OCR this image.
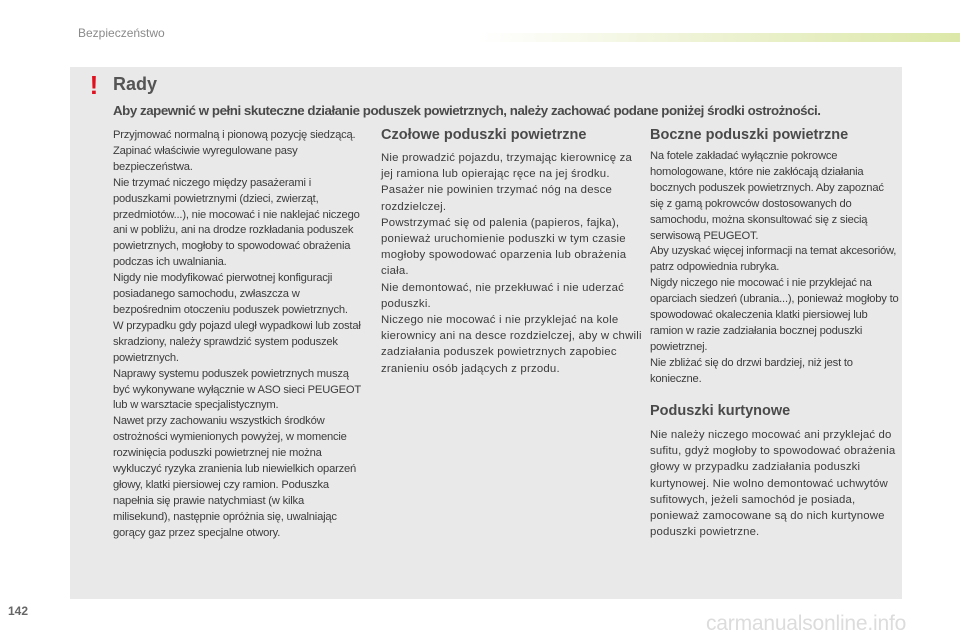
Bezpieczeństwo
! Rady
Aby zapewnić w pełni skuteczne działanie poduszek powietrznych, należy zachować podane poniżej środki ostrożności.

Przyjmować normalną i pionową pozycję siedzącą.

Zapinać właściwie wyregulowane pasy bezpieczeństwa.

Nie trzymać niczego między pasażerami i poduszkami powietrznymi (dzieci, zwierząt, przedmiotów...), nie mocować i nie naklejać niczego ani w pobliżu, ani na drodze rozkładania poduszek powietrznych, mogłoby to spowodować obrażenia podczas ich uwalniania.

Nigdy nie modyfikować pierwotnej konfiguracji posiadanego samochodu, zwłaszcza w bezpośrednim otoczeniu poduszek powietrznych.

W przypadku gdy pojazd uległ wypadkowi lub został skradziony, należy sprawdzić system poduszek powietrznych.

Naprawy systemu poduszek powietrznych muszą być wykonywane wyłącznie w ASO sieci PEUGEOT lub w warsztacie specjalistycznym.

Nawet przy zachowaniu wszystkich środków ostrożności wymienionych powyżej, w momencie rozwinięcia poduszki powietrznej nie można wykluczyć ryzyka zranienia lub niewielkich oparzeń głowy, klatki piersiowej czy ramion. Poduszka napełnia się prawie natychmiast (w kilka milisekund), następnie opróżnia się, uwalniając gorący gaz przez specjalne otwory.

Czołowe poduszki powietrzne

Nie prowadzić pojazdu, trzymając kierownicę za jej ramiona lub opierając ręce na jej środku.

Pasażer nie powinien trzymać nóg na desce rozdzielczej.

Powstrzymać się od palenia (papieros, fajka), ponieważ uruchomienie poduszki w tym czasie mogłoby spowodować oparzenia lub obrażenia ciała.

Nie demontować, nie przekłuwać i nie uderzać poduszki.

Niczego nie mocować i nie przyklejać na kole kierownicy ani na desce rozdzielczej, aby w chwili zadziałania poduszek powietrznych zapobiec zranieniu osób jadących z przodu.

Boczne poduszki powietrzne

Na fotele zakładać wyłącznie pokrowce homologowane, które nie zakłócają działania bocznych poduszek powietrznych. Aby zapoznać się z gamą pokrowców dostosowanych do samochodu, można skonsultować się z siecią serwisową PEUGEOT.

Aby uzyskać więcej informacji na temat akcesoriów, patrz odpowiednia rubryka.

Nigdy niczego nie mocować i nie przyklejać na oparciach siedzeń (ubrania...), ponieważ mogłoby to spowodować okaleczenia klatki piersiowej lub ramion w razie zadziałania bocznej poduszki powietrznej.

Nie zbliżać się do drzwi bardziej, niż jest to konieczne.

Poduszki kurtynowe

Nie należy niczego mocować ani przyklejać do sufitu, gdyż mogłoby to spowodować obrażenia głowy w przypadku zadziałania poduszki kurtynowej. Nie wolno demontować uchwytów sufitowych, jeżeli samochód je posiada, ponieważ zamocowane są do nich kurtynowe poduszki powietrzne.

142
carmanualsonline.info
